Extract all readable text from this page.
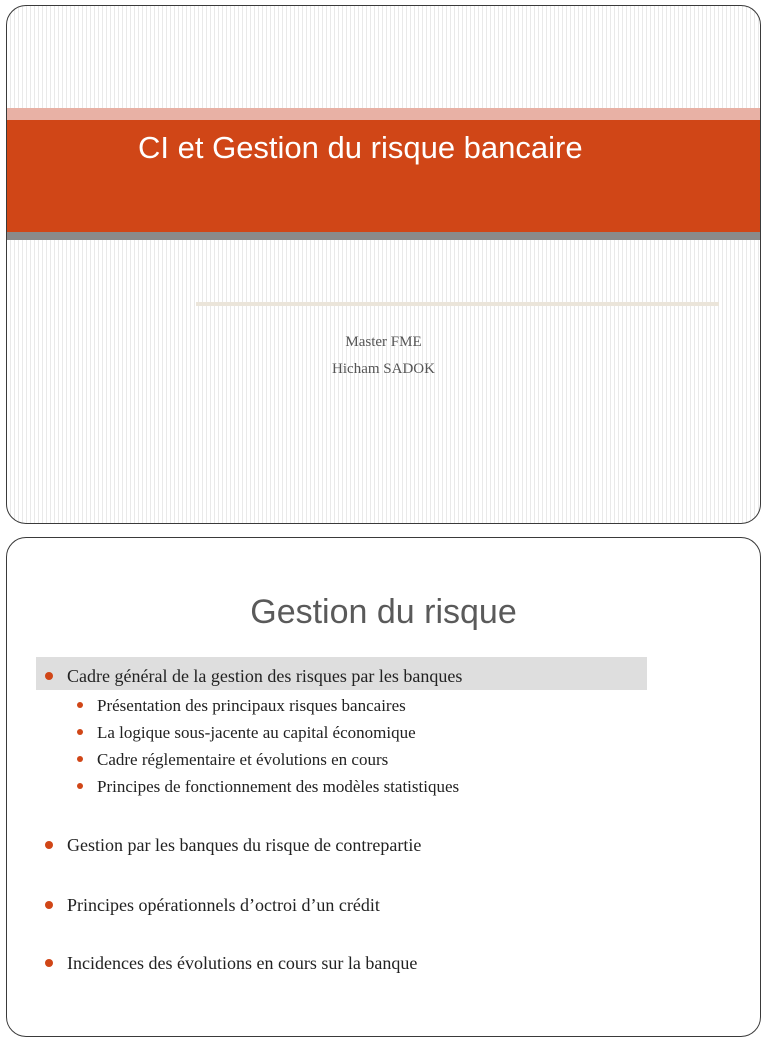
CI et Gestion du risque bancaire
Master FME
Hicham SADOK
Gestion du risque
Cadre général de la gestion des risques par les banques
Présentation des principaux risques bancaires
La logique sous-jacente au capital économique
Cadre réglementaire et évolutions en cours
Principes de fonctionnement des modèles statistiques
Gestion par les banques du risque de contrepartie
Principes opérationnels d’octroi d’un crédit
Incidences des évolutions en cours sur la banque
